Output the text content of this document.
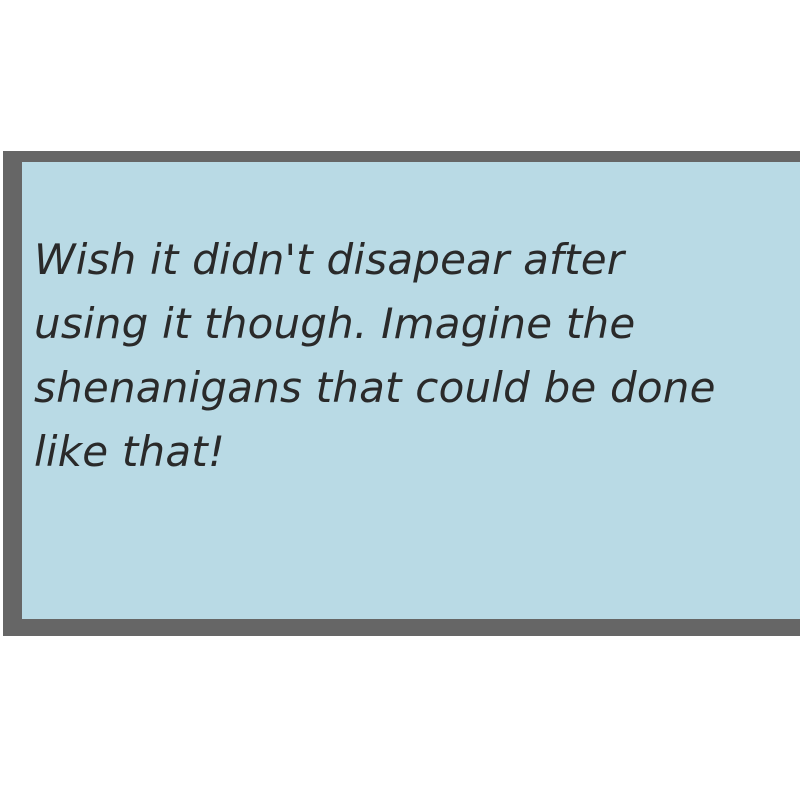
Wish it didn't disapear after using it though. Imagine the shenanigans that could be done like that!
